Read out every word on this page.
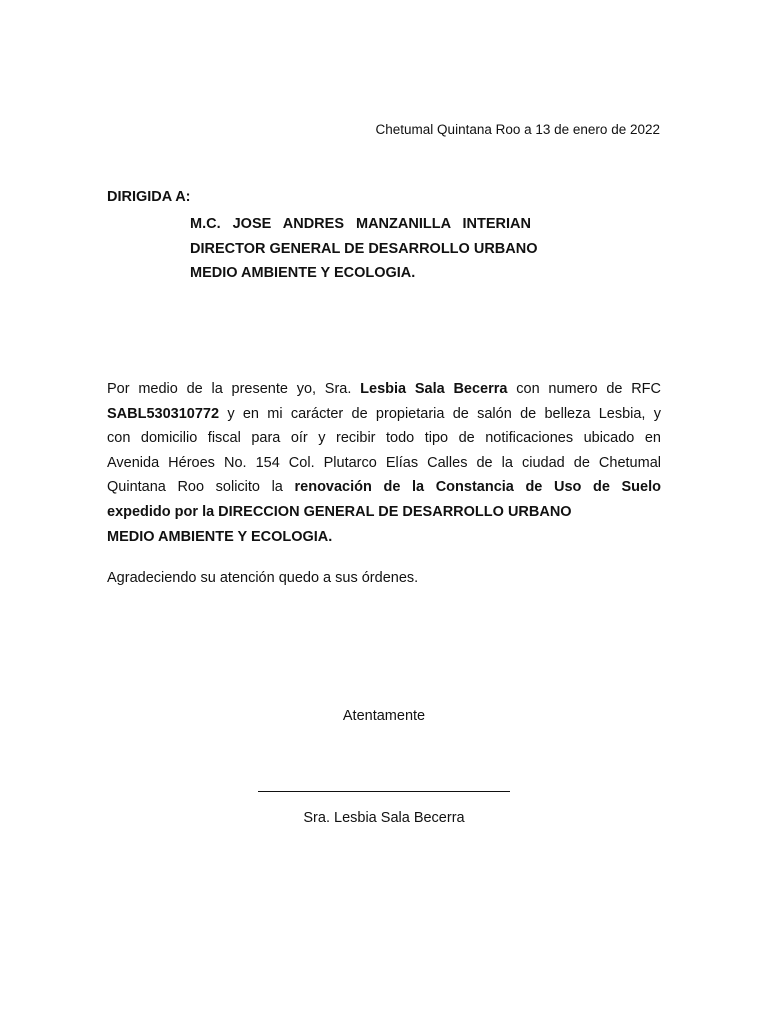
Chetumal Quintana Roo a 13 de enero de 2022
DIRIGIDA A:
M.C. JOSE ANDRES MANZANILLA INTERIAN
DIRECTOR GENERAL DE DESARROLLO URBANO
MEDIO AMBIENTE Y ECOLOGIA.
Por medio de la presente yo, Sra. Lesbia Sala Becerra con numero de RFC
SABL530310772 y en mi carácter de propietaria de salón de belleza Lesbia, y
con domicilio fiscal para oír y recibir todo tipo de notificaciones ubicado en
Avenida Héroes No. 154 Col. Plutarco Elías Calles de la ciudad de Chetumal
Quintana Roo solicito la renovación de la Constancia de Uso de Suelo
expedido por la DIRECCION GENERAL DE DESARROLLO URBANO
MEDIO AMBIENTE Y ECOLOGIA.
Agradeciendo su atención quedo a sus órdenes.
Atentamente
Sra. Lesbia Sala Becerra
